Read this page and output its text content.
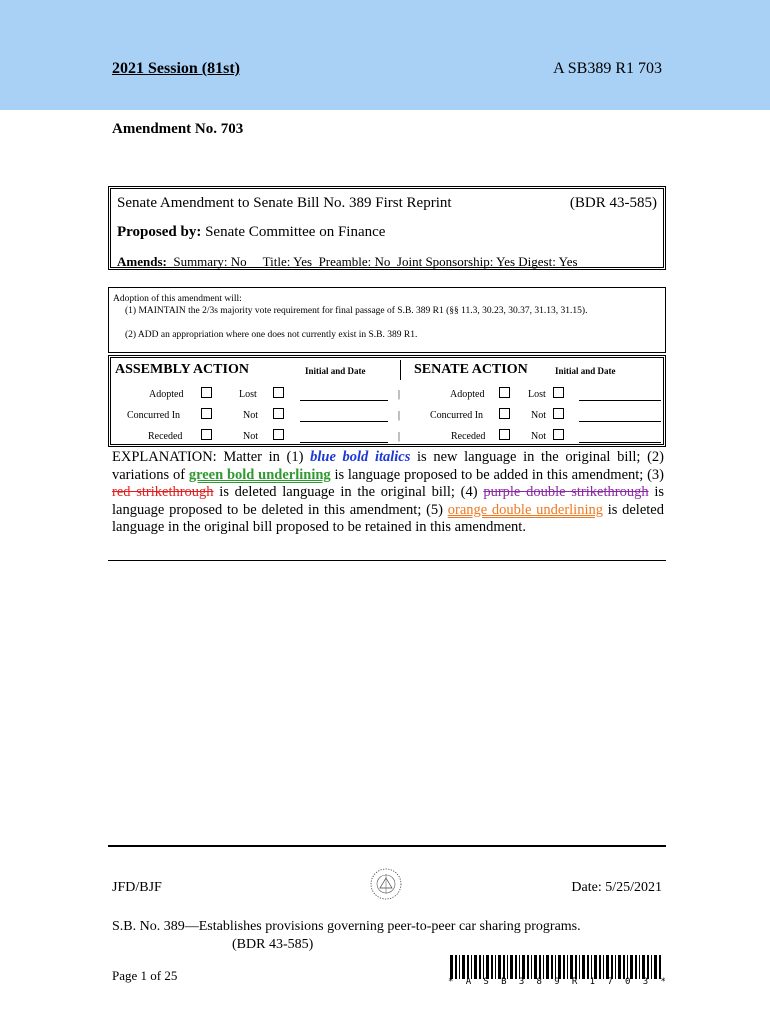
2021 Session (81st)	A SB389 R1 703
Amendment No. 703
Senate Amendment to Senate Bill No. 389 First Reprint	(BDR 43-585)
Proposed by: Senate Committee on Finance
Amends: Summary: No Title: Yes Preamble: No Joint Sponsorship: Yes Digest: Yes
Adoption of this amendment will:
(1) MAINTAIN the 2/3s majority vote requirement for final passage of S.B. 389 R1 (§§ 11.3, 30.23, 30.37, 31.13, 31.15).
(2) ADD an appropriation where one does not currently exist in S.B. 389 R1.
ASSEMBLY ACTION	Initial and Date	SENATE ACTION	Initial and Date
Adopted	Lost	|	Adopted	Lost
Concurred In	Not	|	Concurred In	Not
Receded	Not	|	Receded	Not
EXPLANATION: Matter in (1) blue bold italics is new language in the original bill; (2) variations of green bold underlining is language proposed to be added in this amendment; (3) red strikethrough is deleted language in the original bill; (4) purple double strikethrough is language proposed to be deleted in this amendment; (5) orange double underlining is deleted language in the original bill proposed to be retained in this amendment.
JFD/BJF	Date: 5/25/2021
S.B. No. 389—Establishes provisions governing peer-to-peer car sharing programs.
(BDR 43-585)
Page 1 of 25	* A S B 3 8 9 R 1 7 0 3 *
